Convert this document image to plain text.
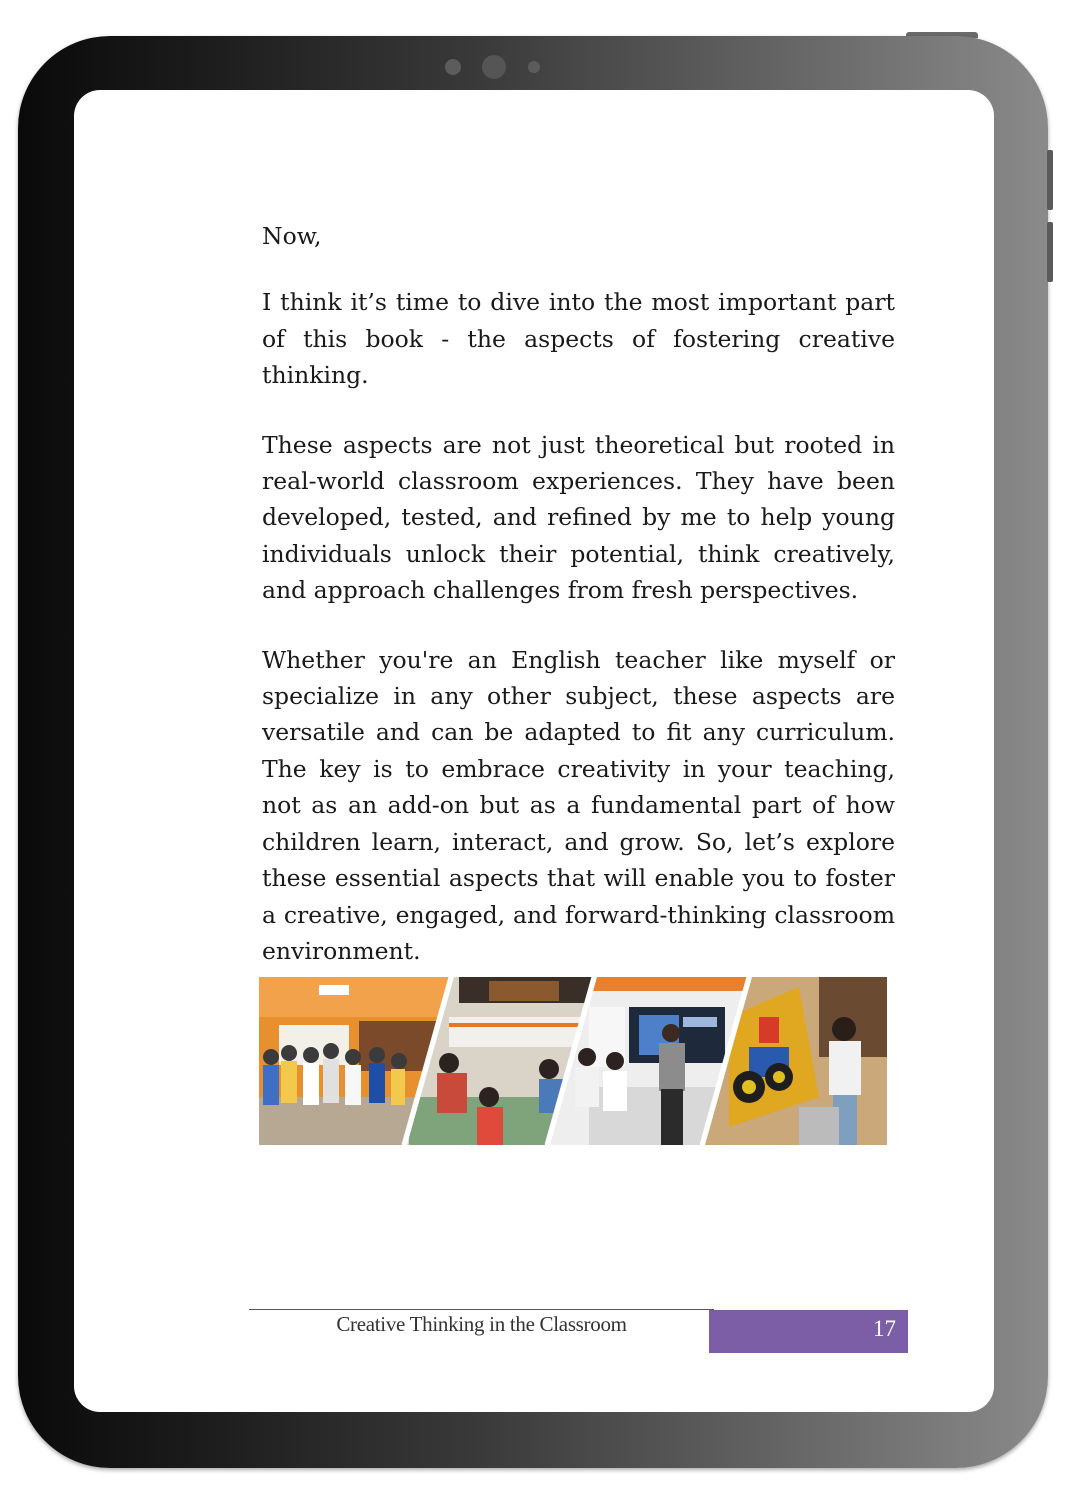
Now,

I think it’s time to dive into the most important part of this book - the aspects of fostering creative thinking.

These aspects are not just theoretical but rooted in real-world classroom experiences. They have been developed, tested, and refined by me to help young individuals unlock their potential, think creatively, and approach challenges from fresh perspectives.

Whether you're an English teacher like myself or specialize in any other subject, these aspects are versatile and can be adapted to fit any curriculum. The key is to embrace creativity in your teaching, not as an add-on but as a fundamental part of how children learn, interact, and grow. So, let’s explore these essential aspects that will enable you to foster a creative, engaged, and forward-thinking classroom environment.

Creative Thinking in the Classroom	17
